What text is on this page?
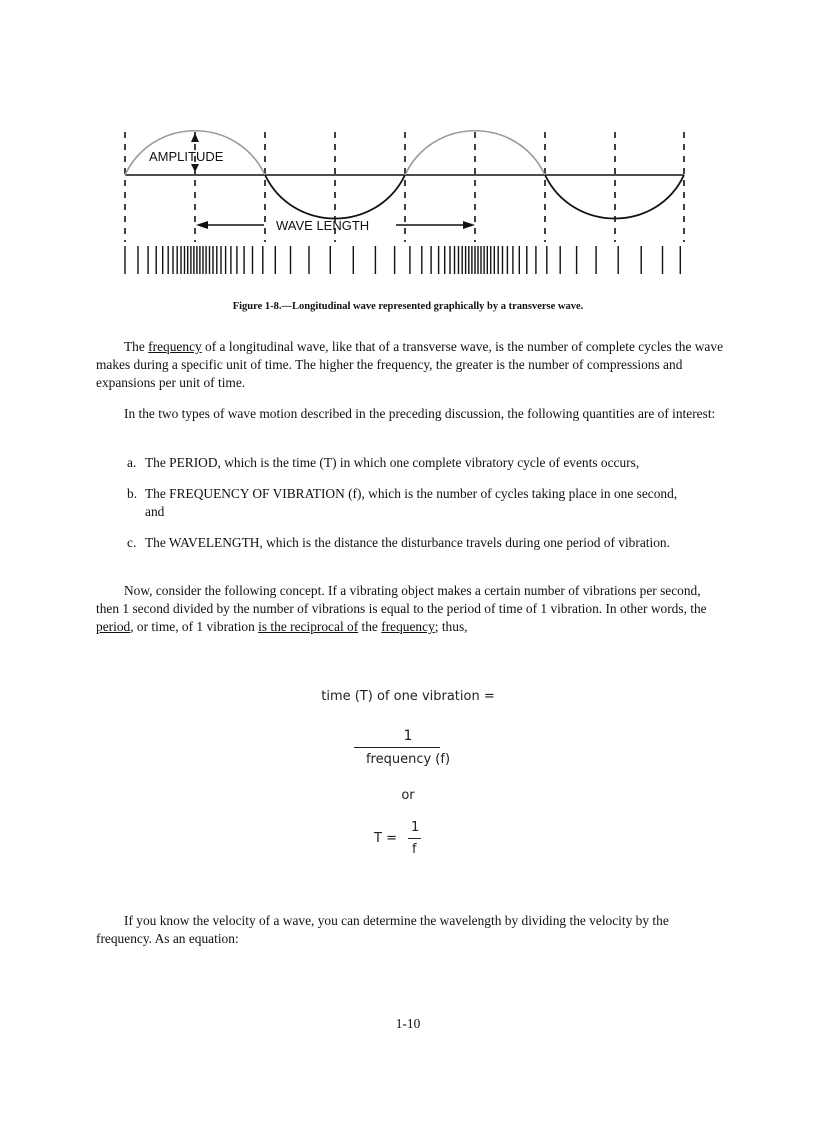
AMPLITUDE
WAVE LENGTH
Figure 1-8.—Longitudinal wave represented graphically by a transverse wave.

The frequency of a longitudinal wave, like that of a transverse wave, is the number of complete cycles the wave makes during a specific unit of time. The higher the frequency, the greater is the number of compressions and expansions per unit of time.

In the two types of wave motion described in the preceding discussion, the following quantities are of interest:

a. The PERIOD, which is the time (T) in which one complete vibratory cycle of events occurs,
b. The FREQUENCY OF VIBRATION (f), which is the number of cycles taking place in one second, and
c. The WAVELENGTH, which is the distance the disturbance travels during one period of vibration.

Now, consider the following concept. If a vibrating object makes a certain number of vibrations per second, then 1 second divided by the number of vibrations is equal to the period of time of 1 vibration. In other words, the period, or time, of 1 vibration is the reciprocal of the frequency; thus,

time (T) of one vibration =
1
frequency (f)
or
T =
1
f

If you know the velocity of a wave, you can determine the wavelength by dividing the velocity by the frequency. As an equation:

1-10
